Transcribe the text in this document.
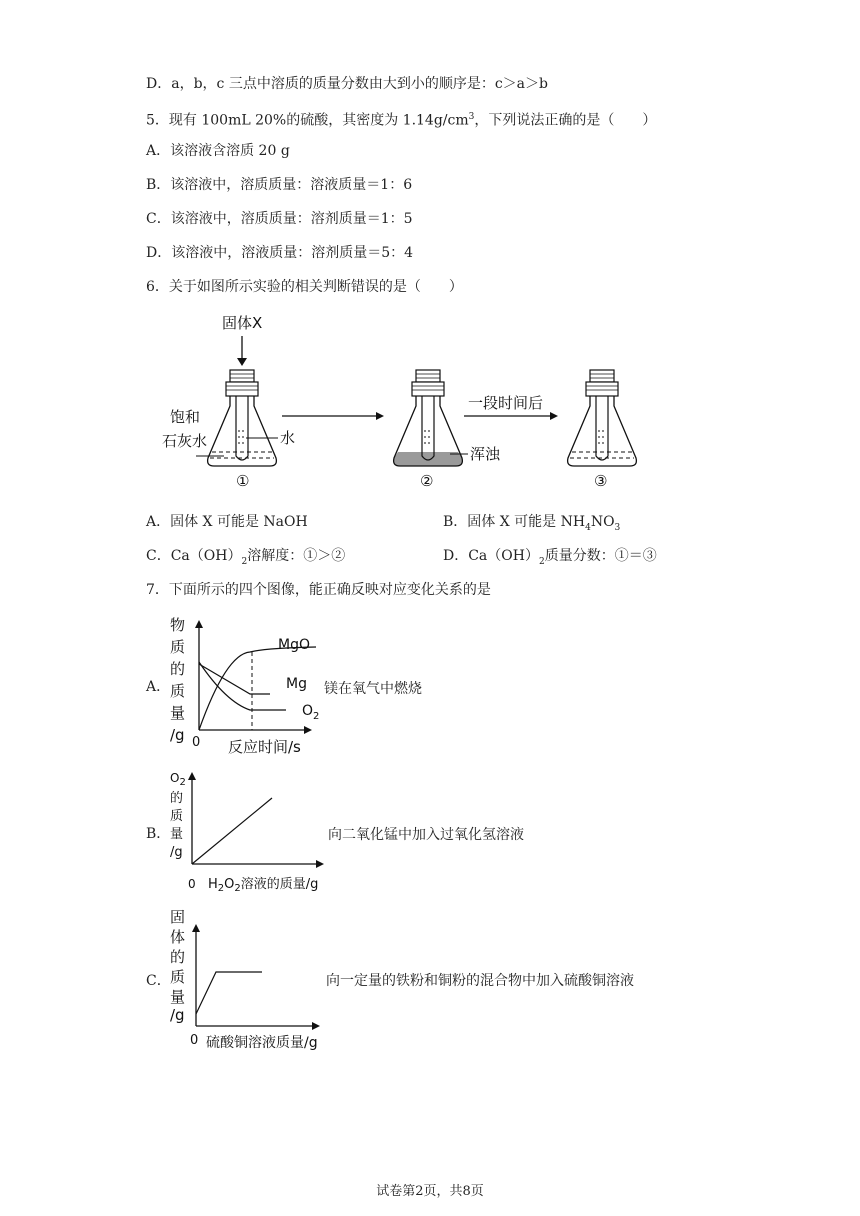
D．a，b，c 三点中溶质的质量分数由大到小的顺序是：c＞a＞b
5．现有 100mL 20%的硫酸，其密度为 $1.14g/cm^3$，下列说法正确的是（　　）
A．该溶液含溶质 20 g
B．该溶液中，溶质质量：溶液质量＝1：6
C．该溶液中，溶质质量：溶剂质量＝1：5
D．该溶液中，溶液质量：溶剂质量＝5：4
6．关于如图所示实验的相关判断错误的是（　　）
固体X
水
饱和
石灰水
①
浑浊
②
一段时间后
③
A．固体 X 可能是 NaOH	B．固体 X 可能是 $NH_4NO_3$
C．$Ca(OH)_2$溶解度：①＞②	D．$Ca(OH)_2$质量分数：①＝③
7．下面所示的四个图像，能正确反映对应变化关系的是
A．
物
质
的
质
量
/g 0 反应时间/s
MgO
Mg
$O_2$
镁在氧气中燃烧
B．
$O_2$
的
质
量
/g
0 $H_2O_2$溶液的质量/g
向二氧化锰中加入过氧化氢溶液
C．
固
体
的
质
量
/g
0 硫酸铜溶液质量/g
向一定量的铁粉和铜粉的混合物中加入硫酸铜溶液
试卷第2页，共8页
